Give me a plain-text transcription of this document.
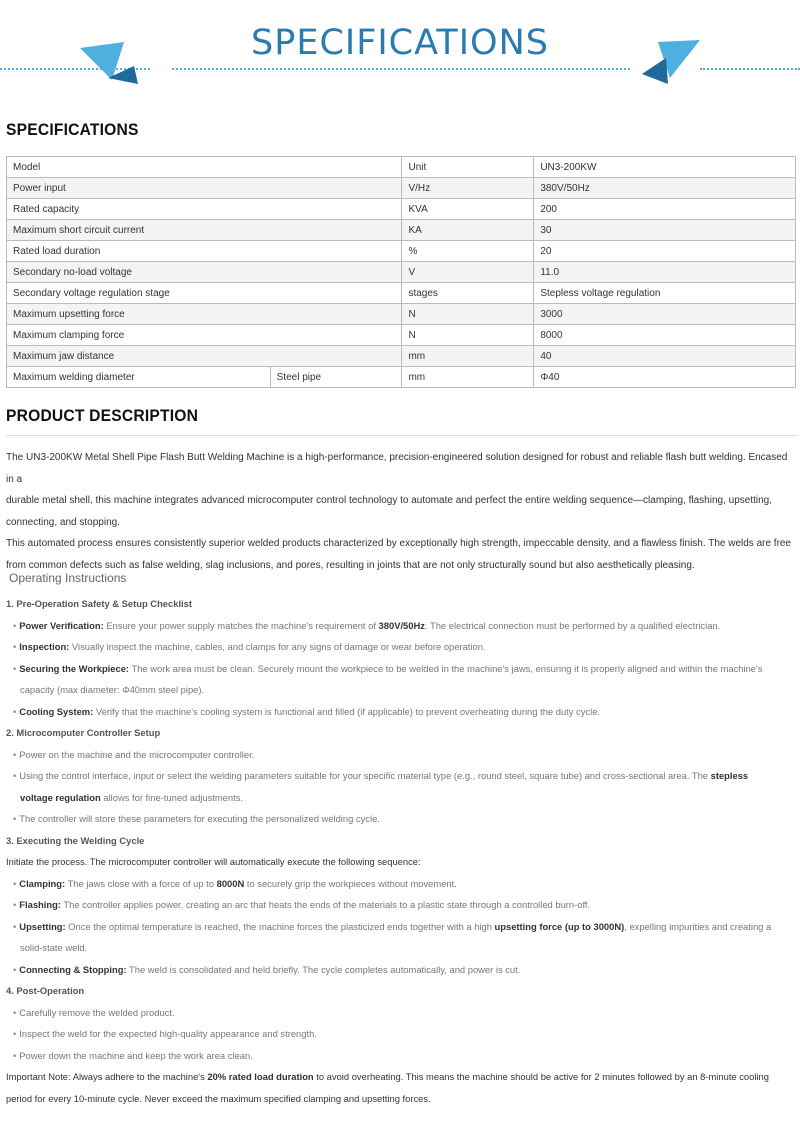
SPECIFICATIONS
SPECIFICATIONS
Model		Unit	UN3-200KW
Power input		V/Hz	380V/50Hz
Rated capacity		KVA	200
Maximum short circuit current		KA	30
Rated load duration		%	20
Secondary no-load voltage		V	11.0
Secondary voltage regulation stage		stages	Stepless voltage regulation
Maximum upsetting force		N	3000
Maximum clamping force		N	8000
Maximum jaw distance		mm	40
Maximum welding diameter	Steel pipe	mm	Φ40
PRODUCT DESCRIPTION
The UN3-200KW Metal Shell Pipe Flash Butt Welding Machine is a high-performance, precision-engineered solution designed for robust and reliable flash butt welding. Encased in a
durable metal shell, this machine integrates advanced microcomputer control technology to automate and perfect the entire welding sequence—clamping, flashing, upsetting,
connecting, and stopping.
This automated process ensures consistently superior welded products characterized by exceptionally high strength, impeccable density, and a flawless finish. The welds are free
from common defects such as false welding, slag inclusions, and pores, resulting in joints that are not only structurally sound but also aesthetically pleasing.
Operating Instructions
1. Pre-Operation Safety & Setup Checklist
• Power Verification: Ensure your power supply matches the machine's requirement of 380V/50Hz. The electrical connection must be performed by a qualified electrician.
• Inspection: Visually inspect the machine, cables, and clamps for any signs of damage or wear before operation.
• Securing the Workpiece: The work area must be clean. Securely mount the workpiece to be welded in the machine's jaws, ensuring it is properly aligned and within the machine's
capacity (max diameter: Φ40mm steel pipe).
• Cooling System: Verify that the machine's cooling system is functional and filled (if applicable) to prevent overheating during the duty cycle.
2. Microcomputer Controller Setup
• Power on the machine and the microcomputer controller.
• Using the control interface, input or select the welding parameters suitable for your specific material type (e.g., round steel, square tube) and cross-sectional area. The stepless
voltage regulation allows for fine-tuned adjustments.
• The controller will store these parameters for executing the personalized welding cycle.
3. Executing the Welding Cycle
Initiate the process. The microcomputer controller will automatically execute the following sequence:
• Clamping: The jaws close with a force of up to 8000N to securely grip the workpieces without movement.
• Flashing: The controller applies power, creating an arc that heats the ends of the materials to a plastic state through a controlled burn-off.
• Upsetting: Once the optimal temperature is reached, the machine forces the plasticized ends together with a high upsetting force (up to 3000N), expelling impurities and creating a
solid-state weld.
• Connecting & Stopping: The weld is consolidated and held briefly. The cycle completes automatically, and power is cut.
4. Post-Operation
• Carefully remove the welded product.
• Inspect the weld for the expected high-quality appearance and strength.
• Power down the machine and keep the work area clean.
Important Note: Always adhere to the machine's 20% rated load duration to avoid overheating. This means the machine should be active for 2 minutes followed by an 8-minute cooling
period for every 10-minute cycle. Never exceed the maximum specified clamping and upsetting forces.
